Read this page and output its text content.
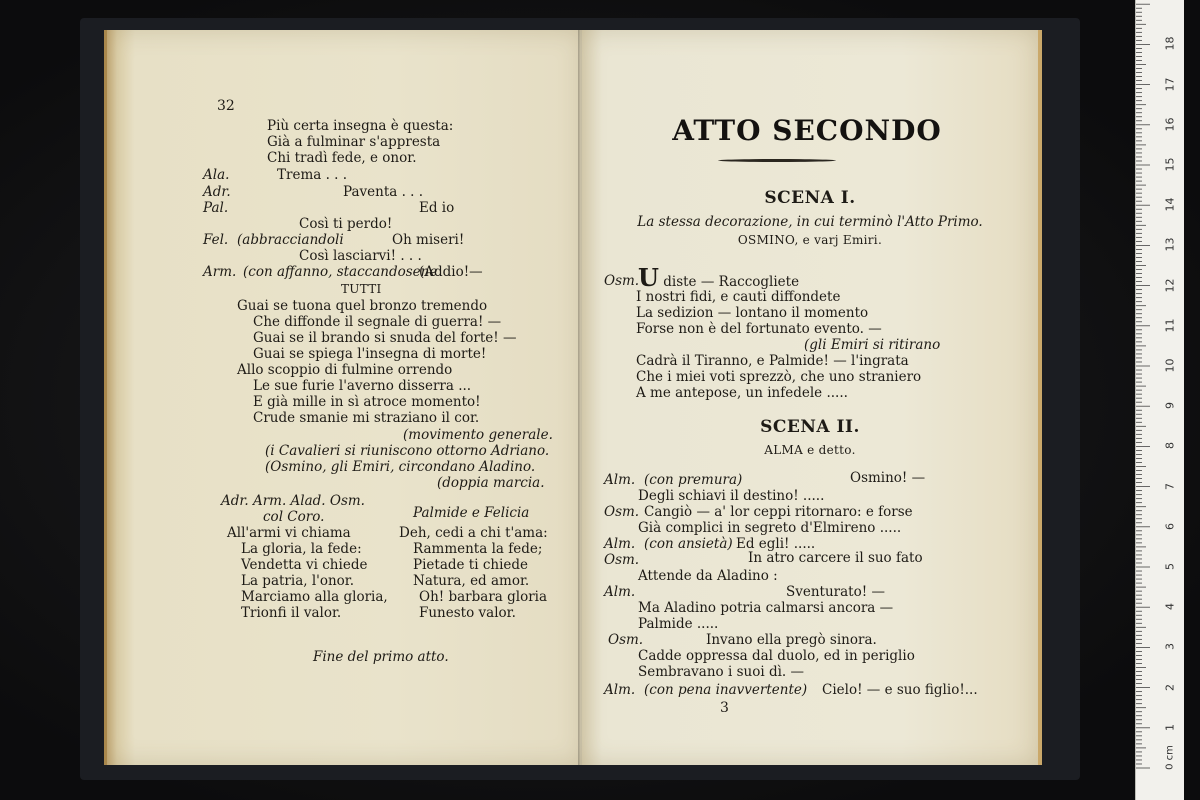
32
Più certa insegna è questa:
Già a fulminar s'appresta
Chi tradì fede, e onor.
Ala.	Trema . . .
Adr.	Paventa . . .
Pal.	Ed io
Così ti perdo!
Fel. (abbracciandoli	Oh miseri!
Così lasciarvi! . . .
Arm. (con affanno, staccandosene
(Addio!—
TUTTI
Guai se tuona quel bronzo tremendo
Che diffonde il segnale di guerra! —
Guai se il brando si snuda del forte! —
Guai se spiega l'insegna di morte!
Allo scoppio di fulmine orrendo
Le sue furie l'averno disserra ...
E già mille in sì atroce momento!
Crude smanie mi straziano il cor.
(movimento generale.
(i Cavalieri si riuniscono ottorno Adriano.
(Osmino, gli Emiri, circondano Aladino.
(doppia marcia.
Adr. Arm. Alad. Osm.
col Coro.	Palmide e Felicia
All'armi vi chiama
La gloria, la fede:
Vendetta vi chiede
La patria, l'onor.
Marciamo alla gloria,
Trionfi il valor.
Deh, cedi a chi t'ama:
Rammenta la fede;
Pietade ti chiede
Natura, ed amor.
Oh! barbara gloria
Funesto valor.
Fine del primo atto.
ATTO SECONDO
SCENA I.
La stessa decorazione, in cui terminò l'Atto Primo.
OSMINO, e varj Emiri.
Osm.
U diste — Raccogliete
I nostri fidi, e cauti diffondete
La sedizion — lontano il momento
Forse non è del fortunato evento. —
(gli Emiri si ritirano
Cadrà il Tiranno, e Palmide! — l'ingrata
Che i miei voti sprezzò, che uno straniero
A me antepose, un infedele .....
SCENA II.
ALMA e detto.
Alm. (con premura)	Osmino! —
Degli schiavi il destino! .....
Osm. Cangiò — a' lor ceppi ritornaro: e forse
Già complici in segreto d'Elmireno .....
Alm. (con ansietà) Ed egli! .....
Osm.	In atro carcere il suo fato
Attende da Aladino :
Alm.	Sventurato! —
Ma Aladino potria calmarsi ancora —
Palmide .....
Osm.	Invano ella pregò sinora.
Cadde oppressa dal duolo, ed in periglio
Sembravano i suoi dì. —
Alm. (con pena inavvertente) Cielo! — e suo figlio!...
3
1
2
3
4
5
6
7
8
9
10
11
12
13
14
15
16
17
18
0 cm
